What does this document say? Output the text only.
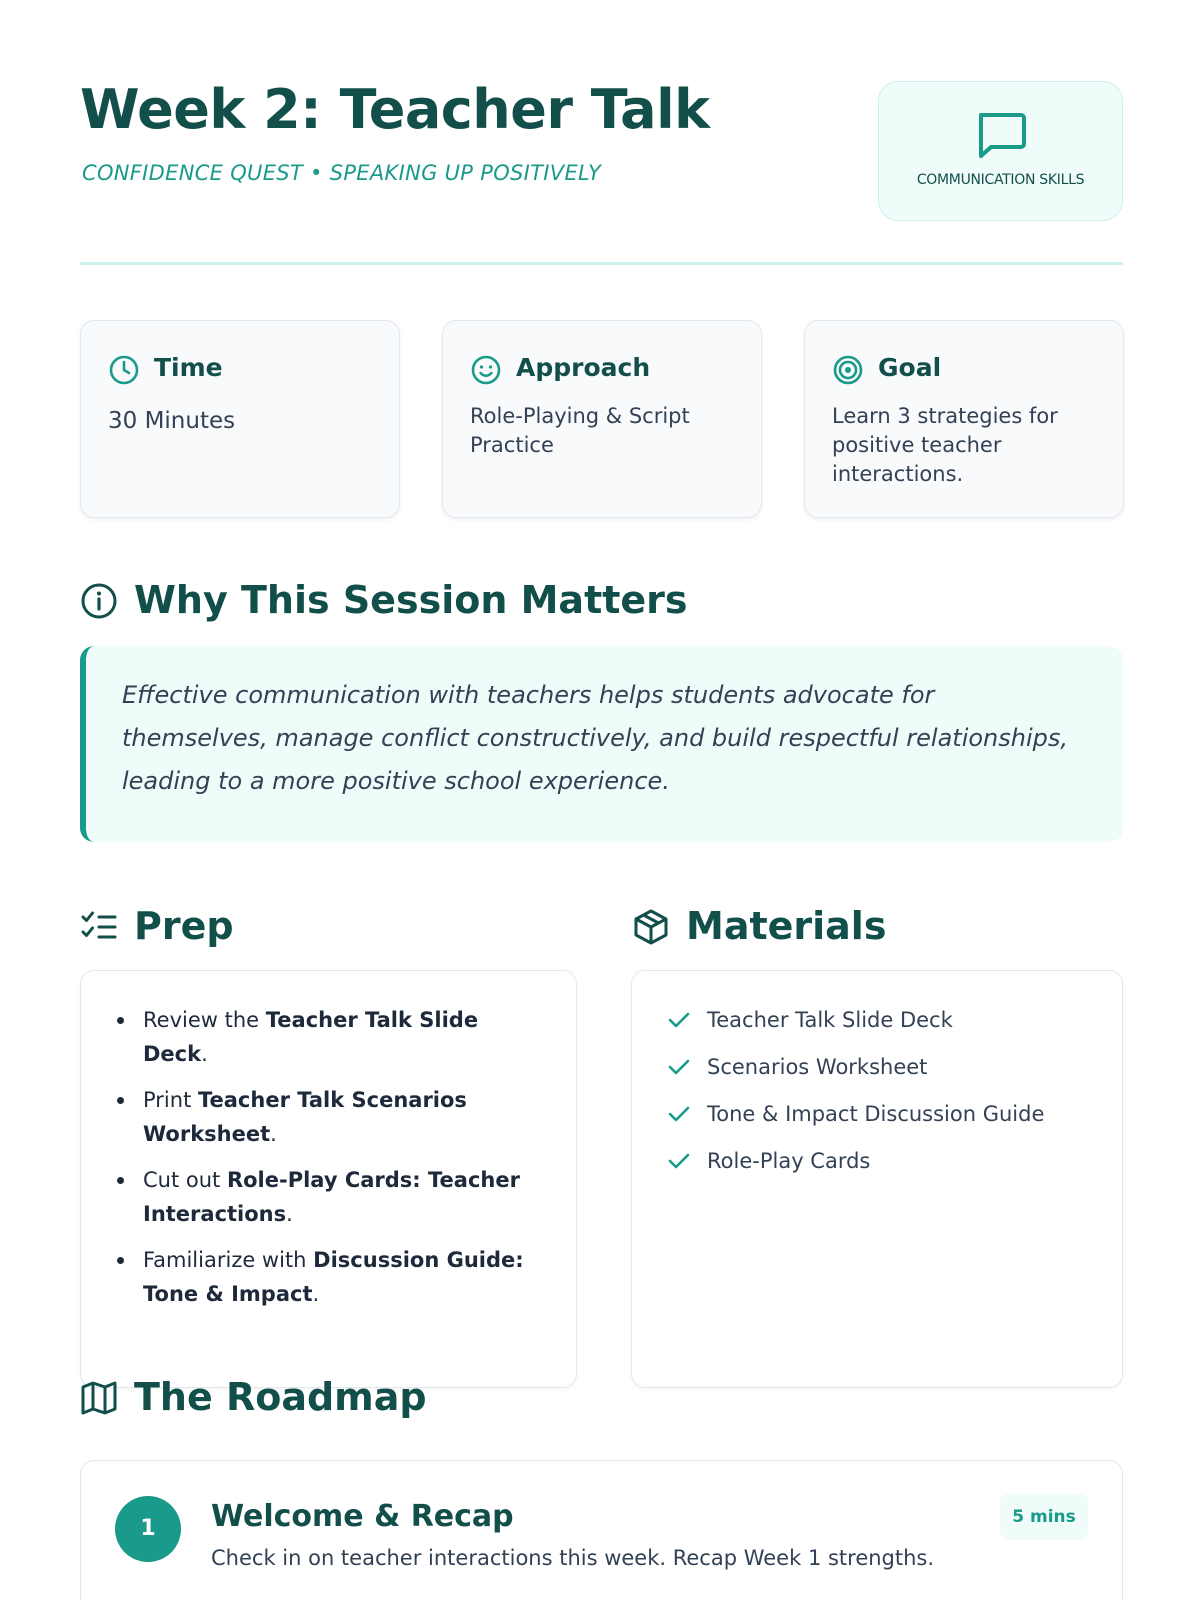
Week 2: Teacher Talk
CONFIDENCE QUEST • SPEAKING UP POSITIVELY	COMMUNICATION SKILLS
Time
30 Minutes
Approach
Role-Playing & Script Practice
Goal
Learn 3 strategies for positive teacher interactions.
Why This Session Matters

Effective communication with teachers helps students advocate for themselves, manage conflict constructively, and build respectful relationships, leading to a more positive school experience.

Prep
Review the Teacher Talk Slide Deck.
Print Teacher Talk Scenarios Worksheet.
Cut out Role-Play Cards: Teacher Interactions.
Familiarize with Discussion Guide: Tone & Impact.
Materials
Teacher Talk Slide Deck
Scenarios Worksheet
Tone & Impact Discussion Guide
Role-Play Cards
The Roadmap
1	Welcome & Recap
Check in on teacher interactions this week. Recap Week 1 strengths.
5 mins
